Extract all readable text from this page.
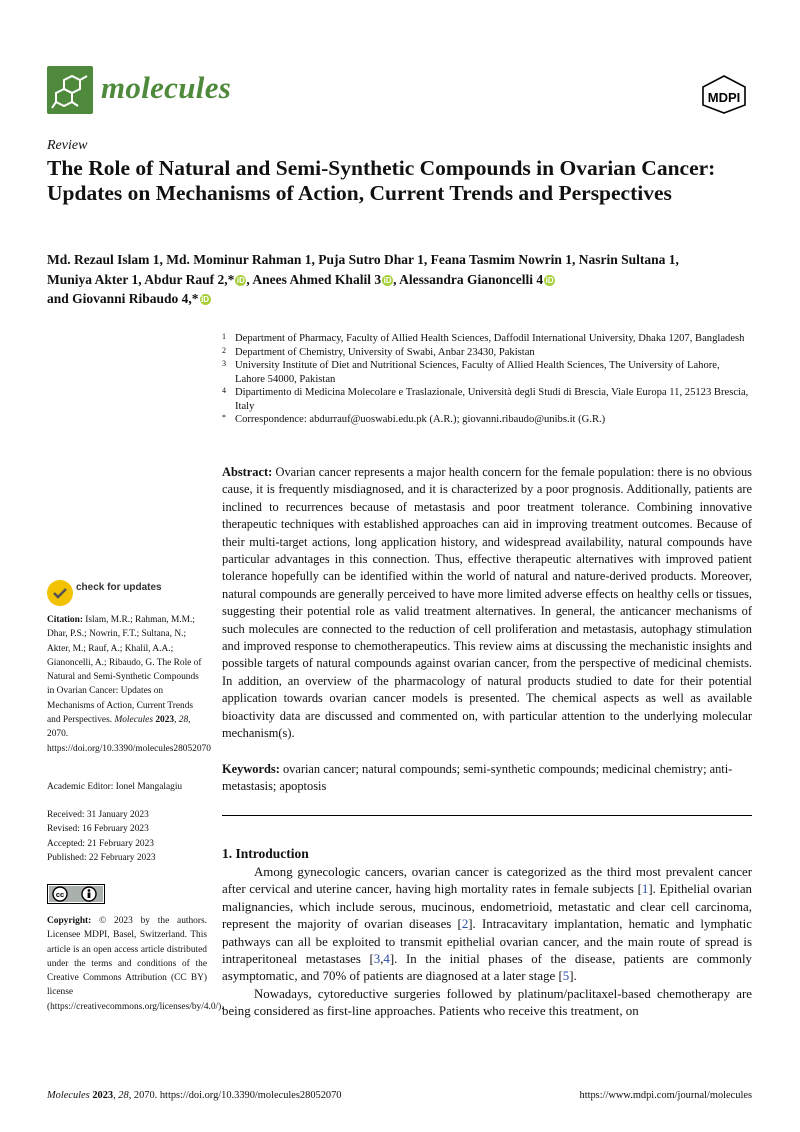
molecules	MDPI
Review
The Role of Natural and Semi-Synthetic Compounds in Ovarian Cancer: Updates on Mechanisms of Action, Current Trends and Perspectives
Md. Rezaul Islam 1, Md. Mominur Rahman 1, Puja Sutro Dhar 1, Feana Tasmim Nowrin 1, Nasrin Sultana 1,
Muniya Akter 1, Abdur Rauf 2,* iD , Anees Ahmed Khalil 3 iD , Alessandra Gianoncelli 4 iD
and Giovanni Ribaudo 4,* iD
1 Department of Pharmacy, Faculty of Allied Health Sciences, Daffodil International University, Dhaka 1207, Bangladesh
2 Department of Chemistry, University of Swabi, Anbar 23430, Pakistan
3 University Institute of Diet and Nutritional Sciences, Faculty of Allied Health Sciences, The University of Lahore, Lahore 54000, Pakistan
4 Dipartimento di Medicina Molecolare e Traslazionale, Università degli Studi di Brescia, Viale Europa 11, 25123 Brescia, Italy
* Correspondence: abdurrauf@uoswabi.edu.pk (A.R.); giovanni.ribaudo@unibs.it (G.R.)
Abstract: Ovarian cancer represents a major health concern for the female population: there is no obvious cause, it is frequently misdiagnosed, and it is characterized by a poor prognosis. Additionally, patients are inclined to recurrences because of metastasis and poor treatment tolerance. Combining innovative therapeutic techniques with established approaches can aid in improving treatment outcomes. Because of their multi-target actions, long application history, and widespread availability, natural compounds have particular advantages in this connection. Thus, effective therapeutic alternatives with improved patient tolerance hopefully can be identified within the world of natural and nature-derived products. Moreover, natural compounds are generally perceived to have more limited adverse effects on healthy cells or tissues, suggesting their potential role as valid treatment alternatives. In general, the anticancer mechanisms of such molecules are connected to the reduction of cell proliferation and metastasis, autophagy stimulation and improved response to chemotherapeutics. This review aims at discussing the mechanistic insights and possible targets of natural compounds against ovarian cancer, from the perspective of medicinal chemists. In addition, an overview of the pharmacology of natural products studied to date for their potential application towards ovarian cancer models is presented. The chemical aspects as well as available bioactivity data are discussed and commented on, with particular attention to the underlying molecular mechanism(s).
Keywords: ovarian cancer; natural compounds; semi-synthetic compounds; medicinal chemistry; anti-metastasis; apoptosis
1. Introduction

Among gynecologic cancers, ovarian cancer is categorized as the third most prevalent cancer after cervical and uterine cancer, having high mortality rates in female subjects [1]. Epithelial ovarian malignancies, which include serous, mucinous, endometrioid, metastatic and clear cell carcinoma, represent the majority of ovarian diseases [2]. Intracavitary implantation, hematic and lymphatic pathways can all be exploited to transmit epithelial ovarian cancer, and the main route of spread is intraperitoneal metastases [3,4]. In the initial phases of the disease, patients are commonly asymptomatic, and 70% of patients are diagnosed at a later stage [5].

Nowadays, cytoreductive surgeries followed by platinum/paclitaxel-based chemotherapy are being considered as first-line approaches. Patients who receive this treatment, on

check for updates
Citation: Islam, M.R.; Rahman, M.M.; Dhar, P.S.; Nowrin, F.T.; Sultana, N.; Akter, M.; Rauf, A.; Khalil, A.A.; Gianoncelli, A.; Ribaudo, G. The Role of Natural and Semi-Synthetic Compounds in Ovarian Cancer: Updates on Mechanisms of Action, Current Trends and Perspectives. Molecules 2023, 28, 2070. https://doi.org/10.3390/molecules28052070
Academic Editor: Ionel Mangalagiu
Received: 31 January 2023
Revised: 16 February 2023
Accepted: 21 February 2023
Published: 22 February 2023
cc
Copyright: © 2023 by the authors. Licensee MDPI, Basel, Switzerland. This article is an open access article distributed under the terms and conditions of the Creative Commons Attribution (CC BY) license (https://creativecommons.org/licenses/by/4.0/).
Molecules 2023, 28, 2070. https://doi.org/10.3390/molecules28052070	https://www.mdpi.com/journal/molecules
